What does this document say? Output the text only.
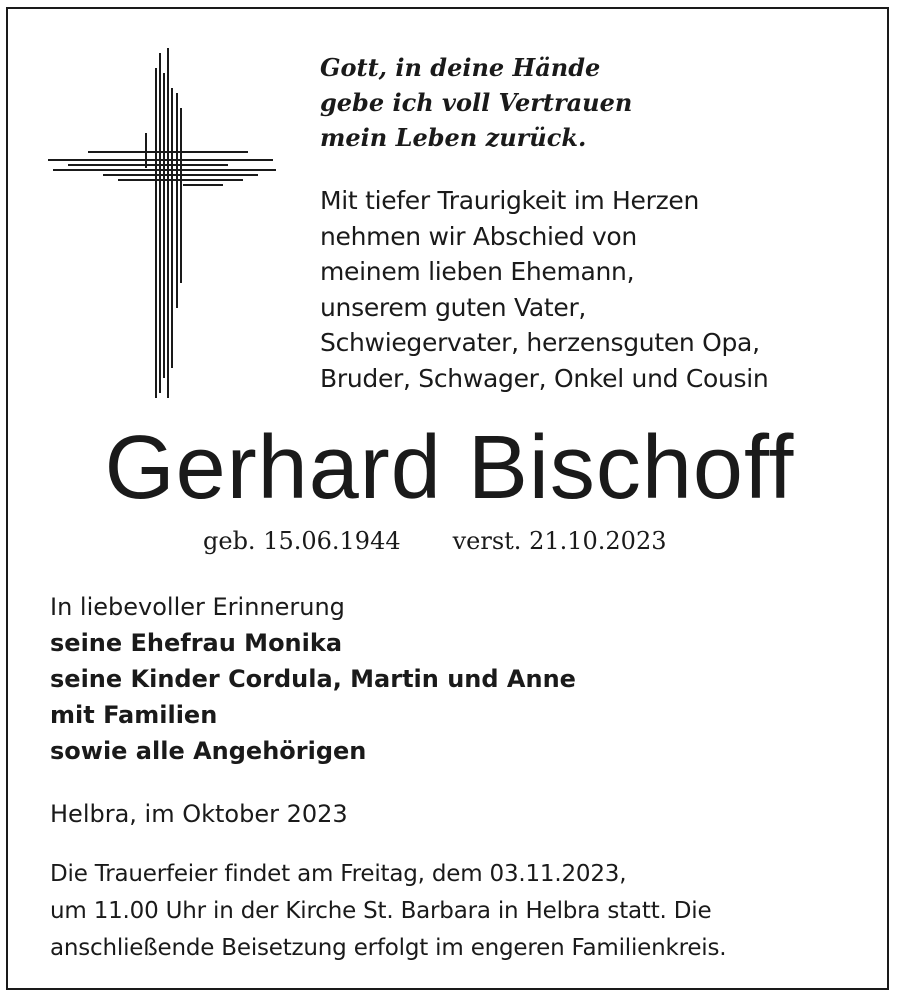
Gott, in deine Hände
gebe ich voll Vertrauen
mein Leben zurück.
Mit tiefer Traurigkeit im Herzen
nehmen wir Abschied von
meinem lieben Ehemann,
unserem guten Vater,
Schwiegervater, herzensguten Opa,
Bruder, Schwager, Onkel und Cousin
Gerhard Bischoff
geb. 15.06.1944 verst. 21.10.2023
In liebevoller Erinnerung
seine Ehefrau Monika
seine Kinder Cordula, Martin und Anne
mit Familien
sowie alle Angehörigen
Helbra, im Oktober 2023
Die Trauerfeier findet am Freitag, dem 03.11.2023,
um 11.00 Uhr in der Kirche St. Barbara in Helbra statt. Die
anschließende Beisetzung erfolgt im engeren Familienkreis.
